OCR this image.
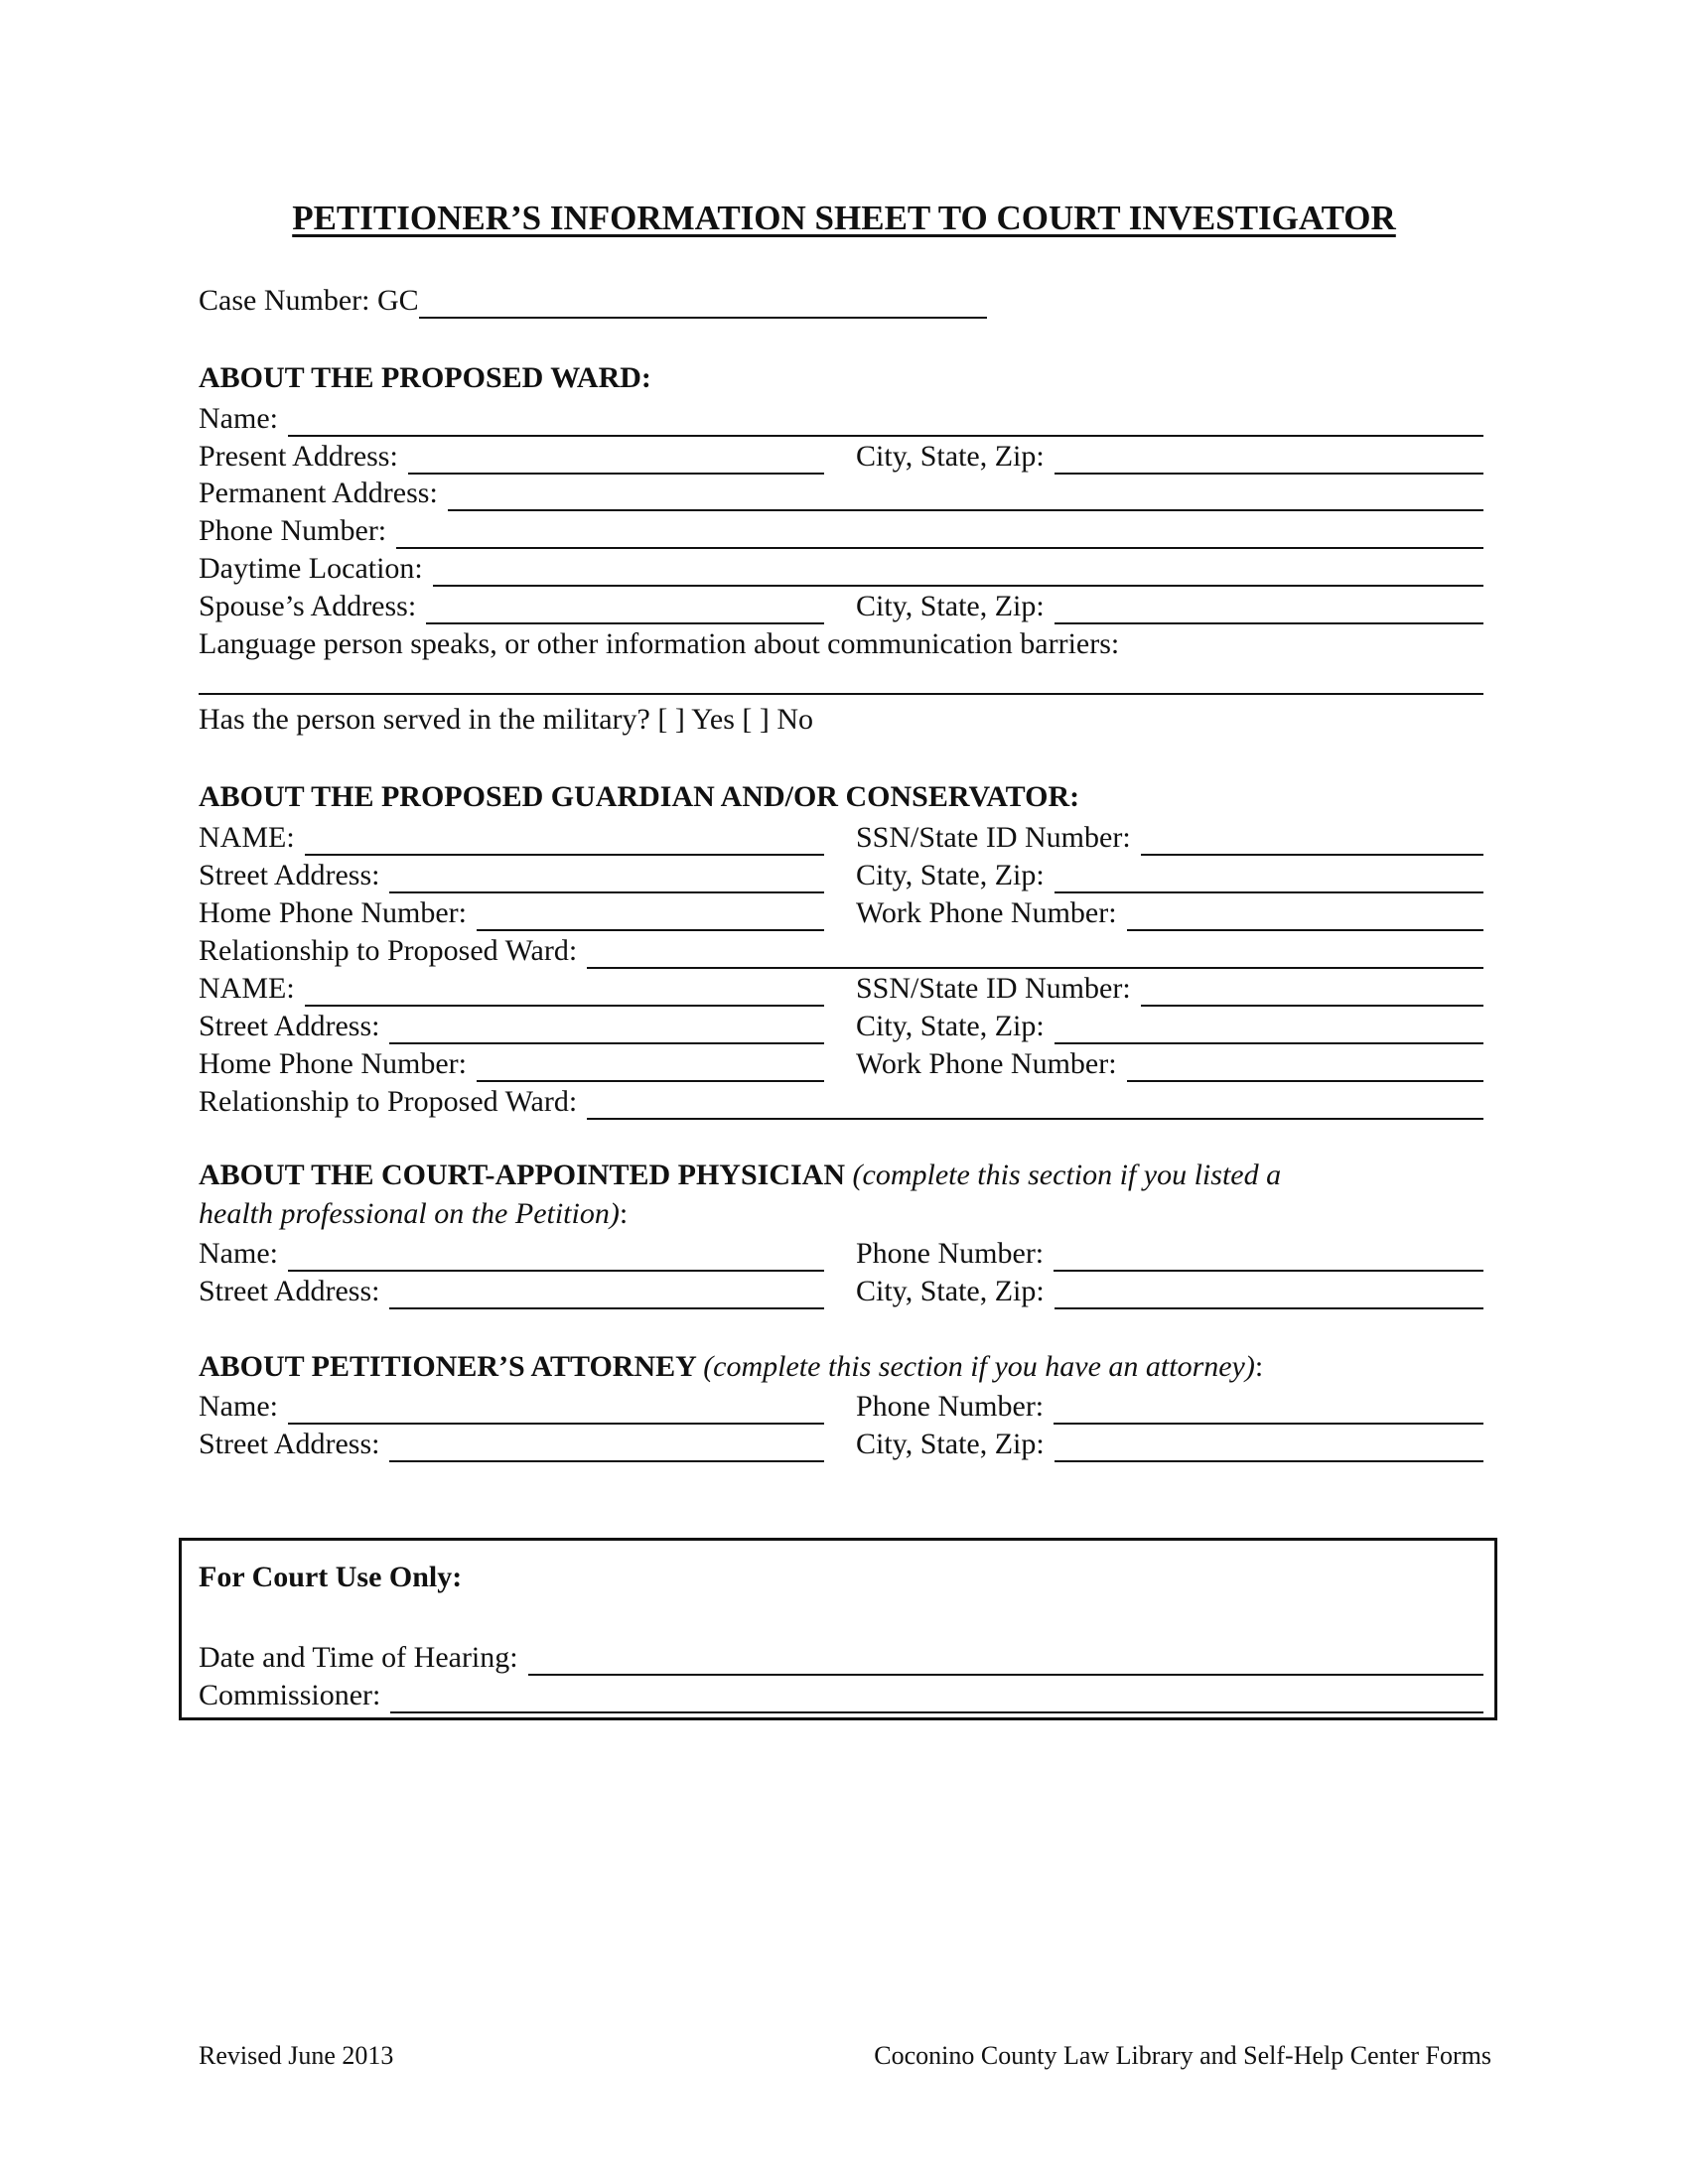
PETITIONER’S INFORMATION SHEET TO COURT INVESTIGATOR
Case Number: GC
ABOUT THE PROPOSED WARD:
Name:
Present Address:	City, State, Zip:
Permanent Address:
Phone Number:
Daytime Location:
Spouse’s Address:	City, State, Zip:
Language person speaks, or other information about communication barriers:
Has the person served in the military? [ ] Yes [ ] No
ABOUT THE PROPOSED GUARDIAN AND/OR CONSERVATOR:
NAME:	SSN/State ID Number:
Street Address:	City, State, Zip:
Home Phone Number:	Work Phone Number:
Relationship to Proposed Ward:
NAME:	SSN/State ID Number:
Street Address:	City, State, Zip:
Home Phone Number:	Work Phone Number:
Relationship to Proposed Ward:
ABOUT THE COURT-APPOINTED PHYSICIAN (complete this section if you listed a
health professional on the Petition):
Name:	Phone Number:
Street Address:	City, State, Zip:
ABOUT PETITIONER’S ATTORNEY (complete this section if you have an attorney):
Name:	Phone Number:
Street Address:	City, State, Zip:
For Court Use Only:
Date and Time of Hearing:
Commissioner:
Revised June 2013	Coconino County Law Library and Self-Help Center Forms
